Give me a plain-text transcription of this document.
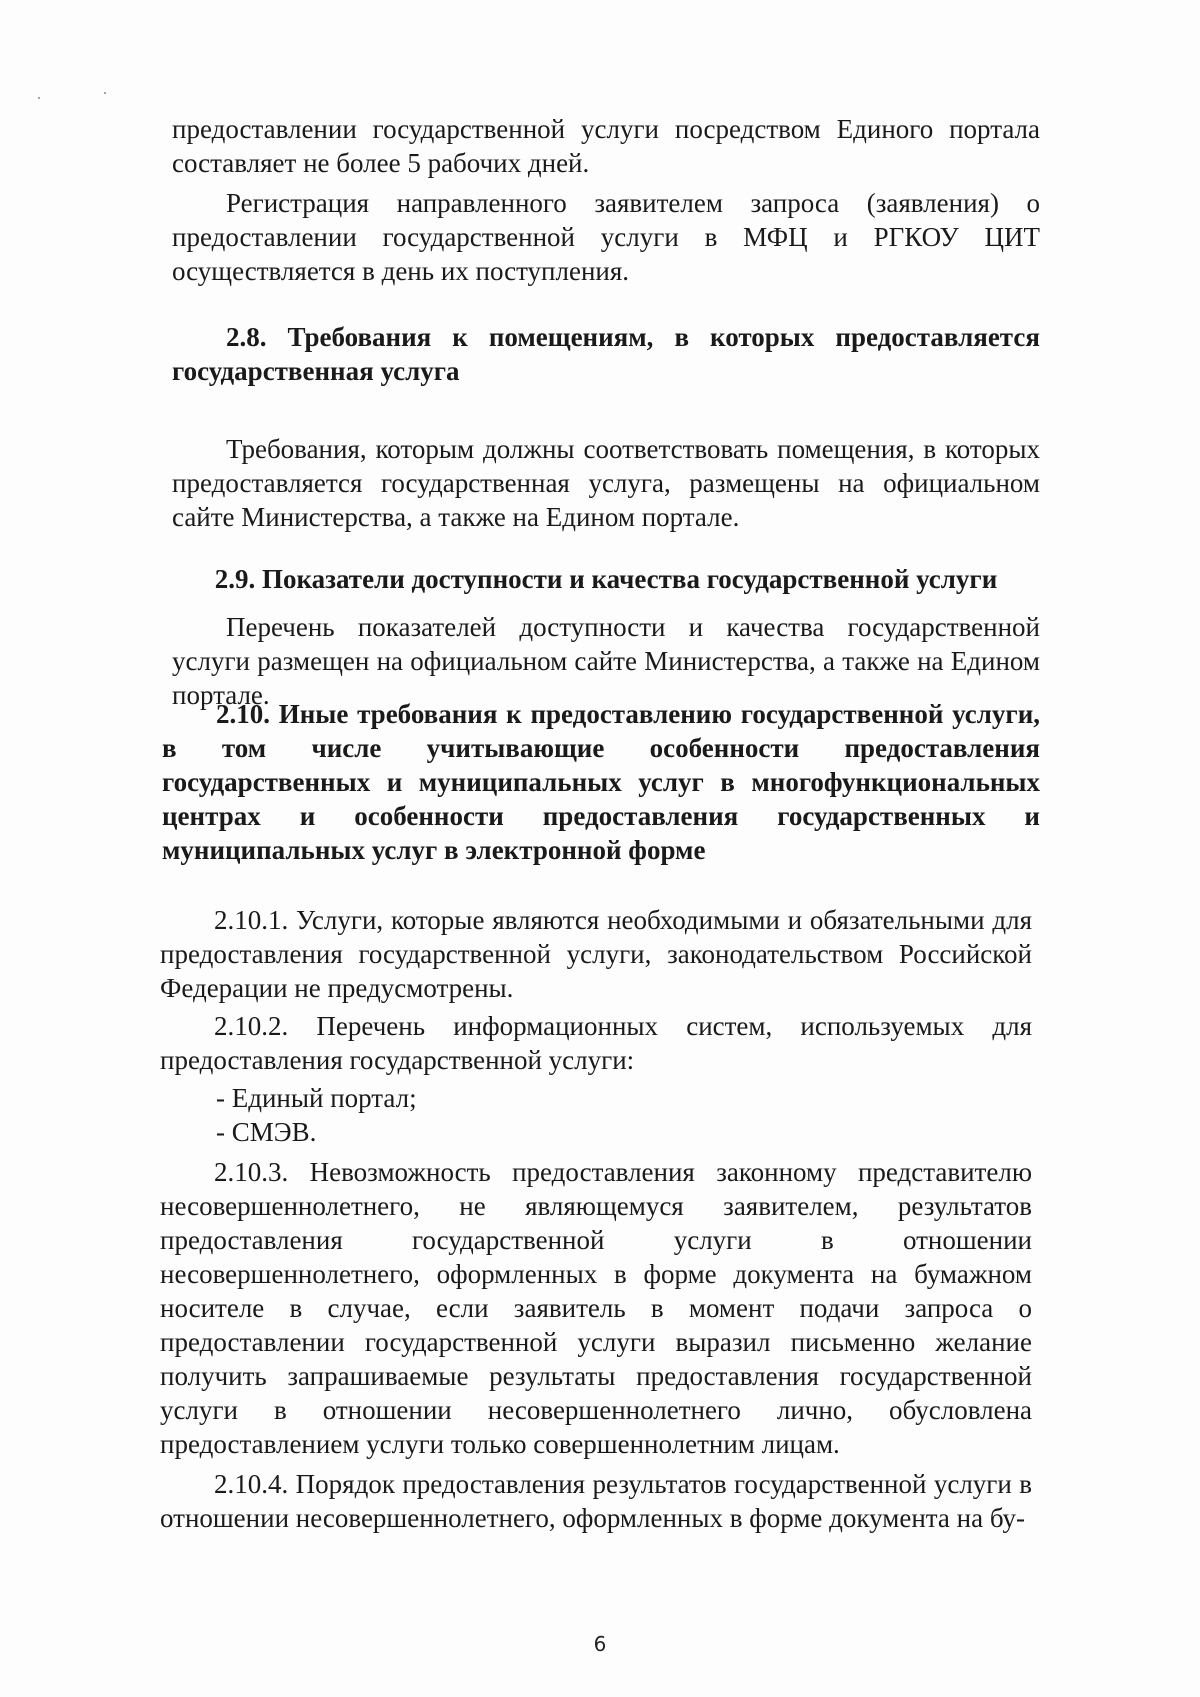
предоставлении государственной услуги посредством Единого портала составляет не более 5 рабочих дней.

Регистрация направленного заявителем запроса (заявления) о предоставлении государственной услуги в МФЦ и РГКОУ ЦИТ осуществляется в день их поступления.

2.8. Требования к помещениям, в которых предоставляется государственная услуга

Требования, которым должны соответствовать помещения, в которых предоставляется государственная услуга, размещены на официальном сайте Министерства, а также на Едином портале.

2.9. Показатели доступности и качества государственной услуги

Перечень показателей доступности и качества государственной услуги размещен на официальном сайте Министерства, а также на Едином портале.

2.10. Иные требования к предоставлению государственной услуги, в том числе учитывающие особенности предоставления государственных и муниципальных услуг в многофункциональных центрах и особенности предоставления государственных и муниципальных услуг в электронной форме

2.10.1. Услуги, которые являются необходимыми и обязательными для предоставления государственной услуги, законодательством Российской Федерации не предусмотрены.

2.10.2. Перечень информационных систем, используемых для предоставления государственной услуги:

- Единый портал;

- СМЭВ.

2.10.3. Невозможность предоставления законному представителю несовершеннолетнего, не являющемуся заявителем, результатов предоставления государственной услуги в отношении несовершеннолетнего, оформленных в форме документа на бумажном носителе в случае, если заявитель в момент подачи запроса о предоставлении государственной услуги выразил письменно желание получить запрашиваемые результаты предоставления государственной услуги в отношении несовершеннолетнего лично, обусловлена предоставлением услуги только совершеннолетним лицам.

2.10.4. Порядок предоставления результатов государственной услуги в отношении несовершеннолетнего, оформленных в форме документа на бу-

6
